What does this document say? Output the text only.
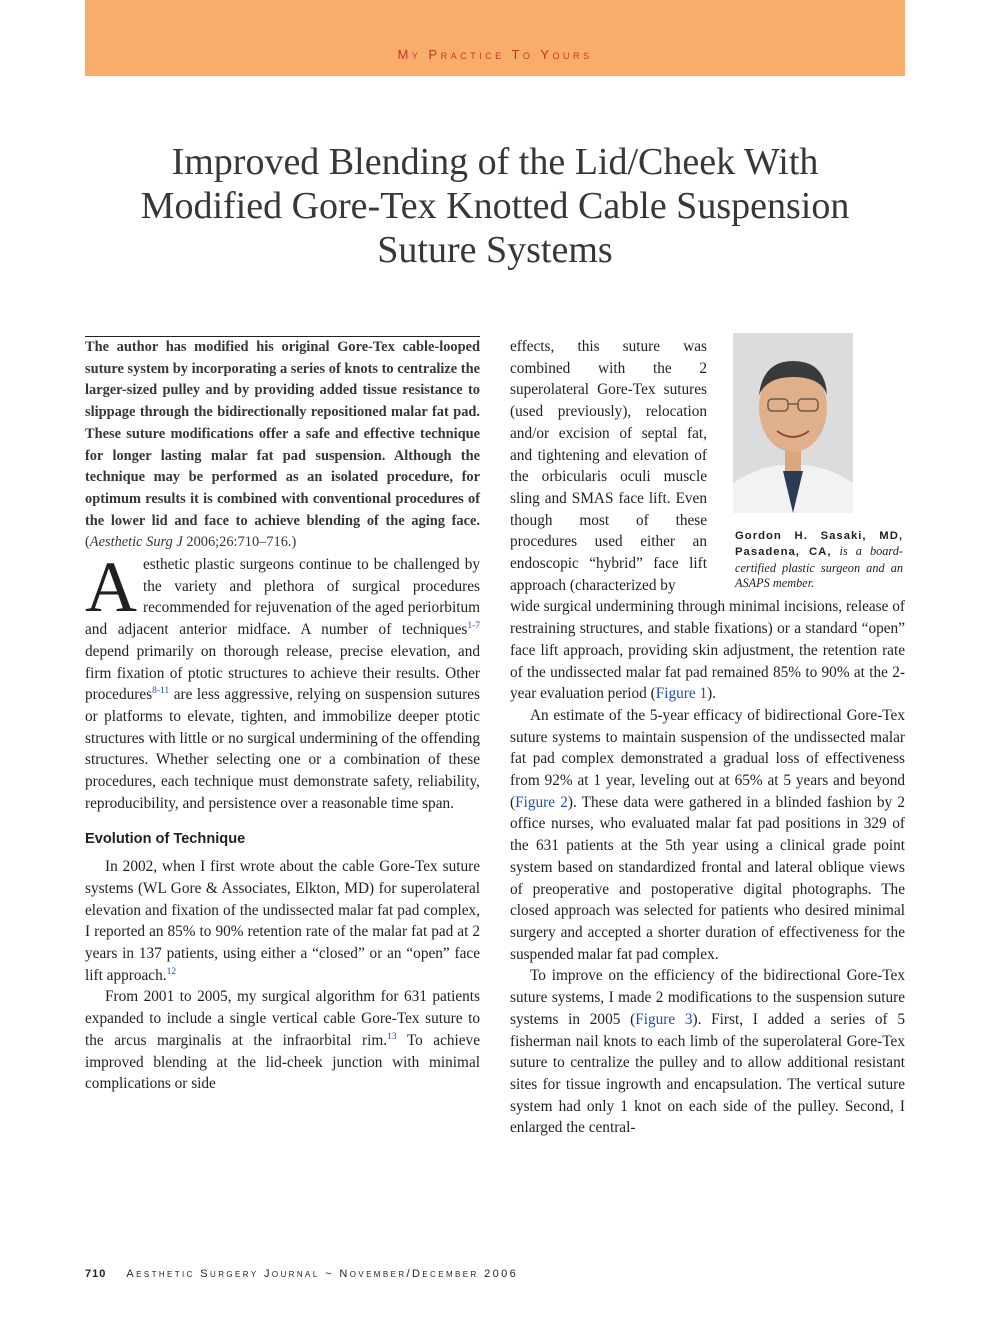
My Practice To Yours
Improved Blending of the Lid/Cheek With
Modified Gore-Tex Knotted Cable Suspension
Suture Systems

The author has modified his original Gore-Tex cable-looped suture system by incorporating a series of knots to centralize the larger-sized pulley and by providing added tissue resistance to slippage through the bidirectionally repositioned malar fat pad. These suture modifications offer a safe and effective technique for longer lasting malar fat pad suspension. Although the technique may be performed as an isolated procedure, for optimum results it is combined with conventional procedures of the lower lid and face to achieve blending of the aging face. (Aesthetic Surg J 2006;26:710–716.)

Aesthetic plastic surgeons continue to be challenged by the variety and plethora of surgical procedures recommended for rejuvenation of the aged periorbitum and adjacent anterior midface. A number of techniques$^{1-7}$ depend primarily on thorough release, precise elevation, and firm fixation of ptotic structures to achieve their results. Other procedures$^{8-11}$ are less aggressive, relying on suspension sutures or platforms to elevate, tighten, and immobilize deeper ptotic structures with little or no surgical undermining of the offending structures. Whether selecting one or a combination of these procedures, each technique must demonstrate safety, reliability, reproducibility, and persistence over a reasonable time span.

Evolution of Technique

In 2002, when I first wrote about the cable Gore-Tex suture systems (WL Gore & Associates, Elkton, MD) for superolateral elevation and fixation of the undissected malar fat pad complex, I reported an 85% to 90% retention rate of the malar fat pad at 2 years in 137 patients, using either a “closed” or an “open” face lift approach.$^{12}$

From 2001 to 2005, my surgical algorithm for 631 patients expanded to include a single vertical cable Gore-Tex suture to the arcus marginalis at the infraorbital rim.$^{13}$ To achieve improved blending at the lid-cheek junction with minimal complications or side

effects, this suture was combined with the 2 superolateral Gore-Tex sutures (used previously), relocation and/or excision of septal fat, and tightening and elevation of the orbicularis oculi muscle sling and SMAS face lift. Even though most of these procedures used either an endoscopic “hybrid” face lift approach (characterized by

wide surgical undermining through minimal incisions, release of restraining structures, and stable fixations) or a standard “open” face lift approach, providing skin adjustment, the retention rate of the undissected malar fat pad remained 85% to 90% at the 2-year evaluation period (Figure 1).

An estimate of the 5-year efficacy of bidirectional Gore-Tex suture systems to maintain suspension of the undissected malar fat pad complex demonstrated a gradual loss of effectiveness from 92% at 1 year, leveling out at 65% at 5 years and beyond (Figure 2). These data were gathered in a blinded fashion by 2 office nurses, who evaluated malar fat pad positions in 329 of the 631 patients at the 5th year using a clinical grade point system based on standardized frontal and lateral oblique views of preoperative and postoperative digital photographs. The closed approach was selected for patients who desired minimal surgery and accepted a shorter duration of effectiveness for the suspended malar fat pad complex.

To improve on the efficiency of the bidirectional Gore-Tex suture systems, I made 2 modifications to the suspension suture systems in 2005 (Figure 3). First, I added a series of 5 fisherman nail knots to each limb of the superolateral Gore-Tex suture to centralize the pulley and to allow additional resistant sites for tissue ingrowth and encapsulation. The vertical suture system had only 1 knot on each side of the pulley. Second, I enlarged the central-

Gordon H. Sasaki, MD, Pasadena, CA, is a board-certified plastic surgeon and an ASAPS member.
710 Aesthetic Surgery Journal ~ November/December 2006
